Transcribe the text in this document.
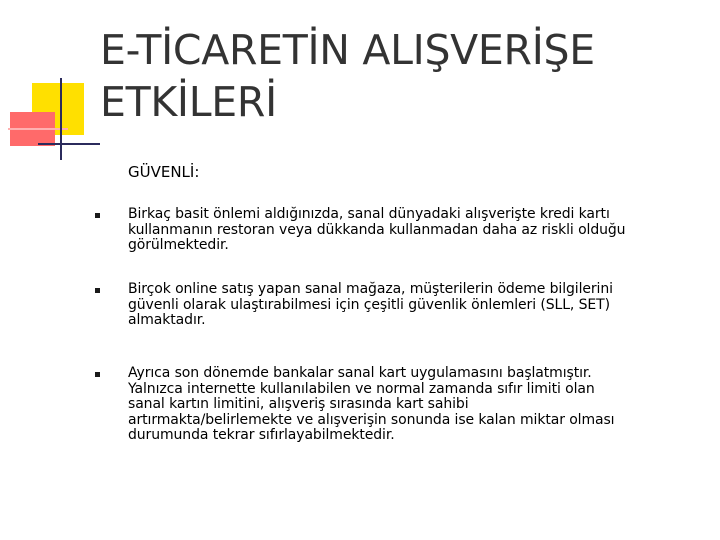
E-TİCARETİN ALIŞVERİŞE
ETKİLERİ

GÜVENLİ:

Birkaç basit önlemi aldığınızda, sanal dünyadaki alışverişte kredi kartı
kullanmanın restoran veya dükkanda kullanmadan daha az riskli olduğu
görülmektedir.

Birçok online satış yapan sanal mağaza, müşterilerin ödeme bilgilerini
güvenli olarak ulaştırabilmesi için çeşitli güvenlik önlemleri (SLL, SET)
almaktadır.

Ayrıca son dönemde bankalar sanal kart uygulamasını başlatmıştır.
Yalnızca internette kullanılabilen ve normal zamanda sıfır limiti olan
sanal kartın limitini, alışveriş sırasında kart sahibi
artırmakta/belirlemekte ve alışverişin sonunda ise kalan miktar olması
durumunda tekrar sıfırlayabilmektedir.
